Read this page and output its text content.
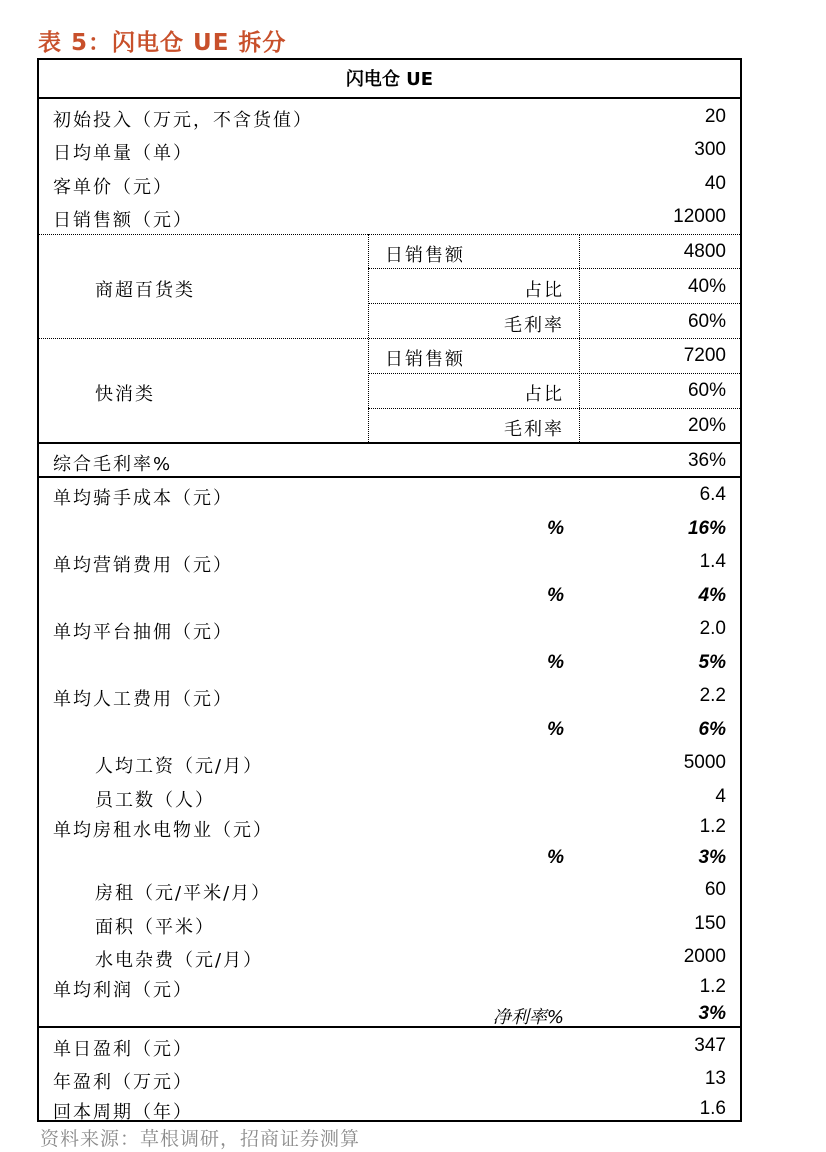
表 5：闪电仓 UE 拆分
闪电仓 UE
初始投入（万元，不含货值）	20
日均单量（单）	300
客单价（元）	40
日销售额（元）	12000
商超百货类
日销售额	4800
占比	40%
毛利率	60%
快消类
日销售额	7200
占比	60%
毛利率	20%
综合毛利率%	36%
单均骑手成本（元）	6.4
%	16%
单均营销费用（元）	1.4
%	4%
单均平台抽佣（元）	2.0
%	5%
单均人工费用（元）	2.2
%	6%
人均工资（元/月）	5000
员工数（人）	4
单均房租水电物业（元）	1.2
%	3%
房租（元/平米/月）	60
面积（平米）	150
水电杂费（元/月）	2000
单均利润（元）	1.2
净利率%	3%
单日盈利（元）	347
年盈利（万元）	13
回本周期（年）	1.6
资料来源：草根调研，招商证券测算
